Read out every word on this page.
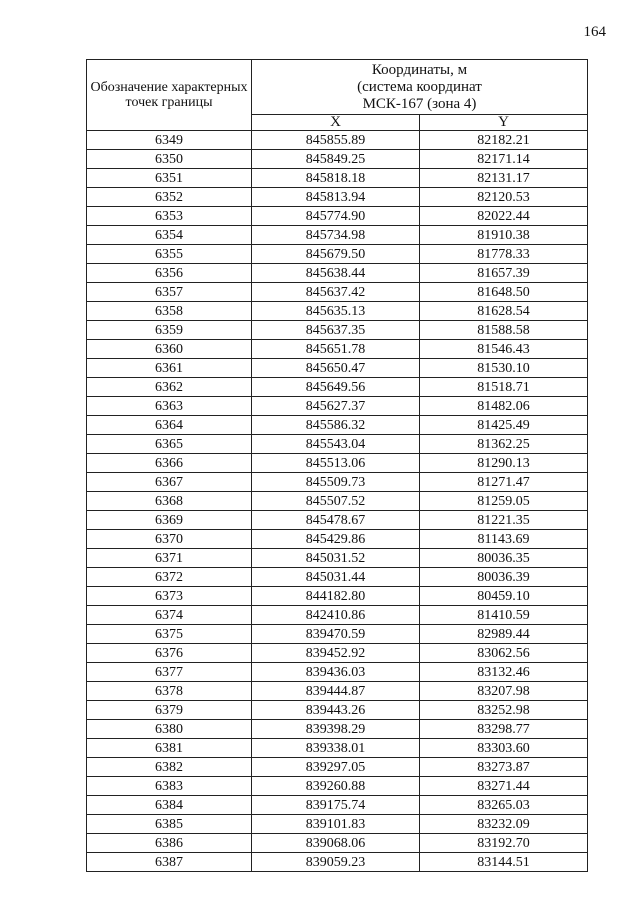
164
Обозначение характерных точек границы	Координаты, м
(система координат
МСК-167 (зона 4)	

	X	Y
6349	845855.89	82182.21
6350	845849.25	82171.14
6351	845818.18	82131.17
6352	845813.94	82120.53
6353	845774.90	82022.44
6354	845734.98	81910.38
6355	845679.50	81778.33
6356	845638.44	81657.39
6357	845637.42	81648.50
6358	845635.13	81628.54
6359	845637.35	81588.58
6360	845651.78	81546.43
6361	845650.47	81530.10
6362	845649.56	81518.71
6363	845627.37	81482.06
6364	845586.32	81425.49
6365	845543.04	81362.25
6366	845513.06	81290.13
6367	845509.73	81271.47
6368	845507.52	81259.05
6369	845478.67	81221.35
6370	845429.86	81143.69
6371	845031.52	80036.35
6372	845031.44	80036.39
6373	844182.80	80459.10
6374	842410.86	81410.59
6375	839470.59	82989.44
6376	839452.92	83062.56
6377	839436.03	83132.46
6378	839444.87	83207.98
6379	839443.26	83252.98
6380	839398.29	83298.77
6381	839338.01	83303.60
6382	839297.05	83273.87
6383	839260.88	83271.44
6384	839175.74	83265.03
6385	839101.83	83232.09
6386	839068.06	83192.70
6387	839059.23	83144.51
